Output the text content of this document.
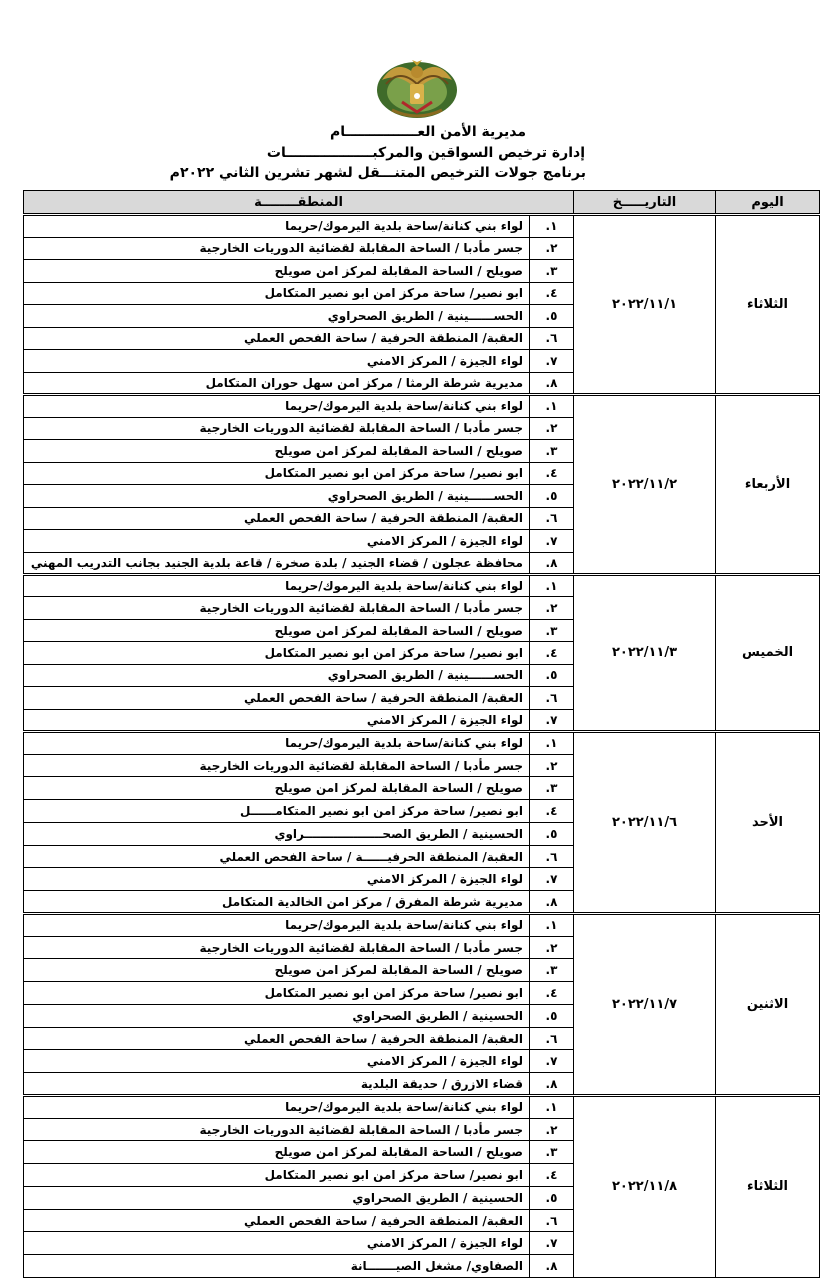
مديرية الأمن العـــــــــــــــام
إدارة ترخيص السواقين والمركبــــــــــــــــــات
برنامج جولات الترخيص المتنـــقل لشهر تشرين الثاني ٢٠٢٢م
اليوم	التاريـــــخ	المنطقــــــــة	
الثلاثاء	٢٠٢٢/١١/١	١.	لواء بني كنانة/ساحة بلدية اليرموك/حريما
		٢.	جسر مأدبا / الساحة المقابلة لقضائية الدوريات الخارجية
		٣.	صويلح / الساحة المقابلة لمركز امن صويلح
		٤.	ابو نصير/ ساحة مركز امن ابو نصير المتكامل
		٥.	الحســــــينية / الطريق الصحراوي
		٦.	العقبة/ المنطقة الحرفية / ساحة الفحص العملي
		٧.	لواء الجيزة / المركز الامني
		٨.	مديرية شرطة الرمثا / مركز امن سهل حوران المتكامل
الأربعاء	٢٠٢٢/١١/٢	١.	لواء بني كنانة/ساحة بلدية اليرموك/حريما
		٢.	جسر مأدبا / الساحة المقابلة لقضائية الدوريات الخارجية
		٣.	صويلح / الساحة المقابلة لمركز امن صويلح
		٤.	ابو نصير/ ساحة مركز امن ابو نصير المتكامل
		٥.	الحســــــينية / الطريق الصحراوي
		٦.	العقبة/ المنطقة الحرفية / ساحة الفحص العملي
		٧.	لواء الجيزة / المركز الامني
		٨.	محافظة عجلون / قضاء الجنيد / بلدة صخرة / قاعة بلدية الجنيد بجانب التدريب المهني
الخميس	٢٠٢٢/١١/٣	١.	لواء بني كنانة/ساحة بلدية اليرموك/حريما
		٢.	جسر مأدبا / الساحة المقابلة لقضائية الدوريات الخارجية
		٣.	صويلح / الساحة المقابلة لمركز امن صويلح
		٤.	ابو نصير/ ساحة مركز امن ابو نصير المتكامل
		٥.	الحســــــينية / الطريق الصحراوي
		٦.	العقبة/ المنطقة الحرفية / ساحة الفحص العملي
		٧.	لواء الجيزة / المركز الامني
الأحد	٢٠٢٢/١١/٦	١.	لواء بني كنانة/ساحة بلدية اليرموك/حريما
		٢.	جسر مأدبا / الساحة المقابلة لقضائية الدوريات الخارجية
		٣.	صويلح / الساحة المقابلة لمركز امن صويلح
		٤.	ابو نصير/ ساحة مركز امن ابو نصير المتكامــــــل
		٥.	الحسينية / الطريق الصحـــــــــــــــــــراوي
		٦.	العقبة/ المنطقة الحرفيــــــة / ساحة الفحص العملي
		٧.	لواء الجيزة / المركز الامني
		٨.	مديرية شرطة المفرق / مركز امن الخالدية المتكامل
الاثنين	٢٠٢٢/١١/٧	١.	لواء بني كنانة/ساحة بلدية اليرموك/حريما
		٢.	جسر مأدبا / الساحة المقابلة لقضائية الدوريات الخارجية
		٣.	صويلح / الساحة المقابلة لمركز امن صويلح
		٤.	ابو نصير/ ساحة مركز امن ابو نصير المتكامل
		٥.	الحسينية / الطريق الصحراوي
		٦.	العقبة/ المنطقة الحرفية / ساحة الفحص العملي
		٧.	لواء الجيزة / المركز الامني
		٨.	قضاء الازرق / حديقة البلدية
الثلاثاء	٢٠٢٢/١١/٨	١.	لواء بني كنانة/ساحة بلدية اليرموك/حريما
		٢.	جسر مأدبا / الساحة المقابلة لقضائية الدوريات الخارجية
		٣.	صويلح / الساحة المقابلة لمركز امن صويلح
		٤.	ابو نصير/ ساحة مركز امن ابو نصير المتكامل
		٥.	الحسينية / الطريق الصحراوي
		٦.	العقبة/ المنطقة الحرفية / ساحة الفحص العملي
		٧.	لواء الجيزة / المركز الامني
		٨.	الصفاوي/ مشغل الصيـــــــانة
